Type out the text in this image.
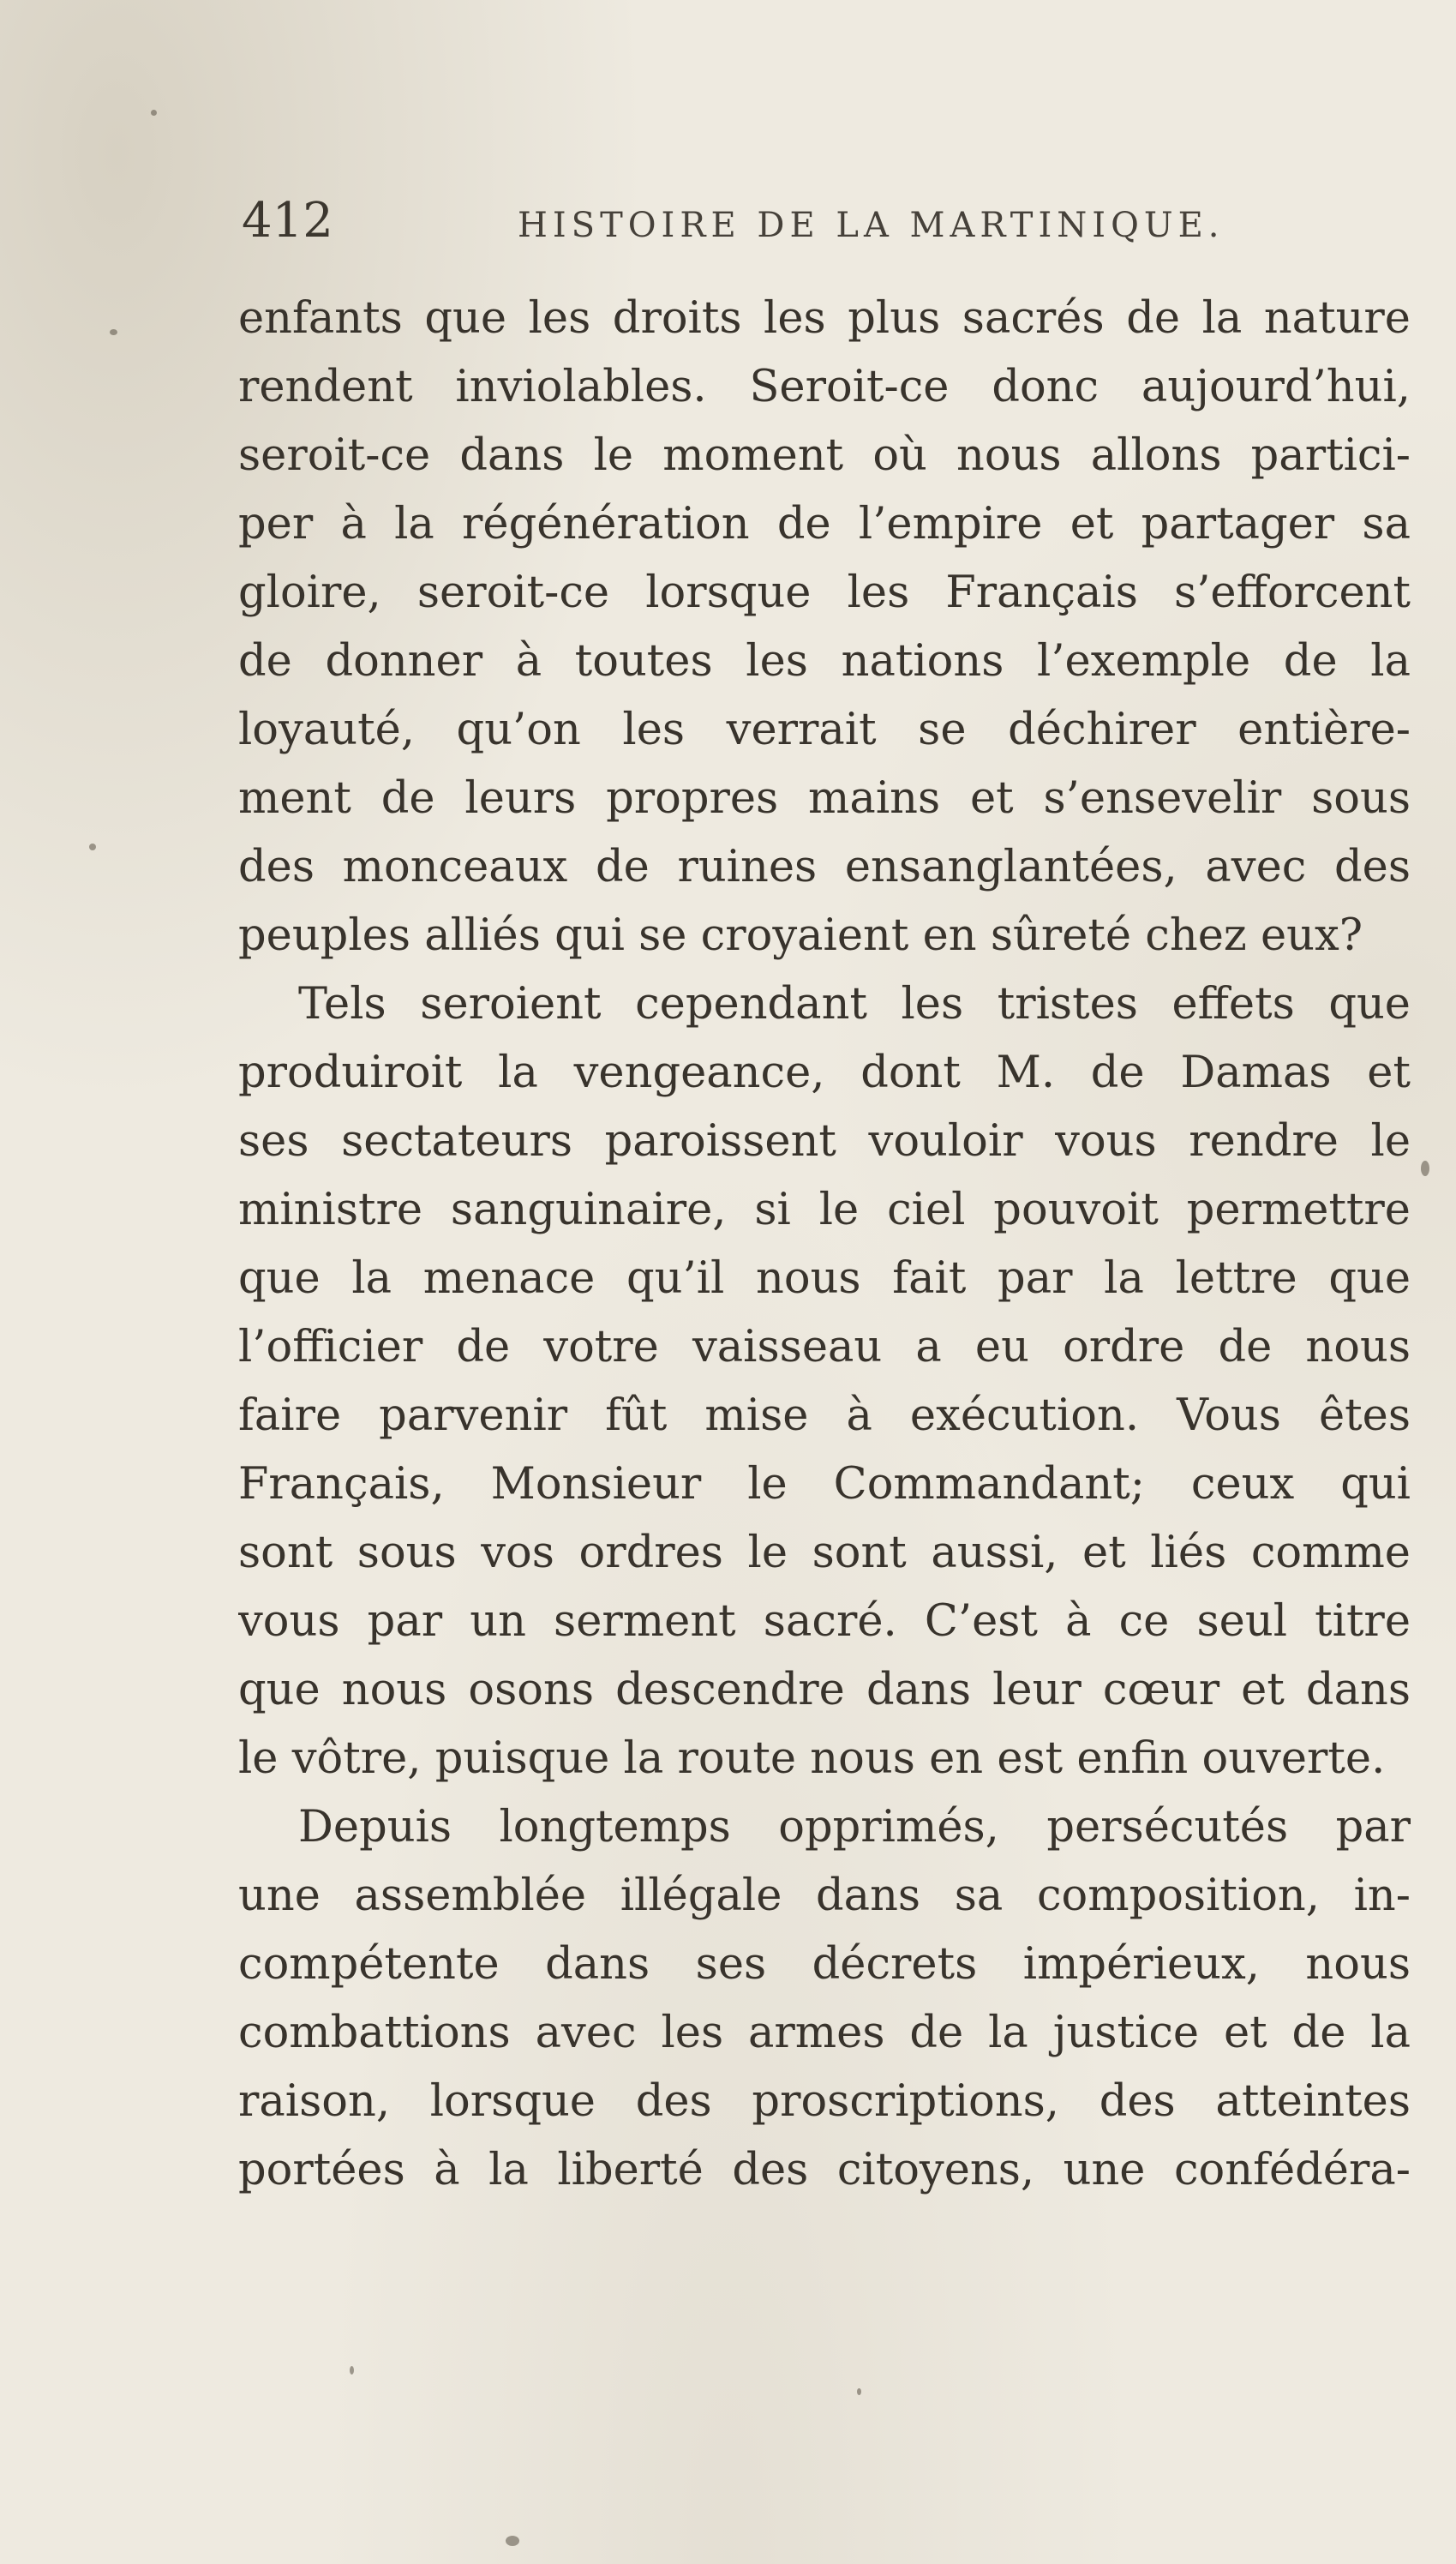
412	HISTOIRE DE LA MARTINIQUE.
enfants que les droits les plus sacrés de la nature
rendent inviolables. Seroit-ce donc aujourd’hui,
seroit-ce dans le moment où nous allons partici-
per à la régénération de l’empire et partager sa
gloire, seroit-ce lorsque les Français s’efforcent
de donner à toutes les nations l’exemple de la
loyauté, qu’on les verrait se déchirer entière-
ment de leurs propres mains et s’ensevelir sous
des monceaux de ruines ensanglantées, avec des
peuples alliés qui se croyaient en sûreté chez eux?
Tels seroient cependant les tristes effets que
produiroit la vengeance, dont M. de Damas et
ses sectateurs paroissent vouloir vous rendre le
ministre sanguinaire, si le ciel pouvoit permettre
que la menace qu’il nous fait par la lettre que
l’officier de votre vaisseau a eu ordre de nous
faire parvenir fût mise à exécution. Vous êtes
Français, Monsieur le Commandant; ceux qui
sont sous vos ordres le sont aussi, et liés comme
vous par un serment sacré. C’est à ce seul titre
que nous osons descendre dans leur cœur et dans
le vôtre, puisque la route nous en est enfin ouverte.
Depuis longtemps opprimés, persécutés par
une assemblée illégale dans sa composition, in-
compétente dans ses décrets impérieux, nous
combattions avec les armes de la justice et de la
raison, lorsque des proscriptions, des atteintes
portées à la liberté des citoyens, une confédéra-
